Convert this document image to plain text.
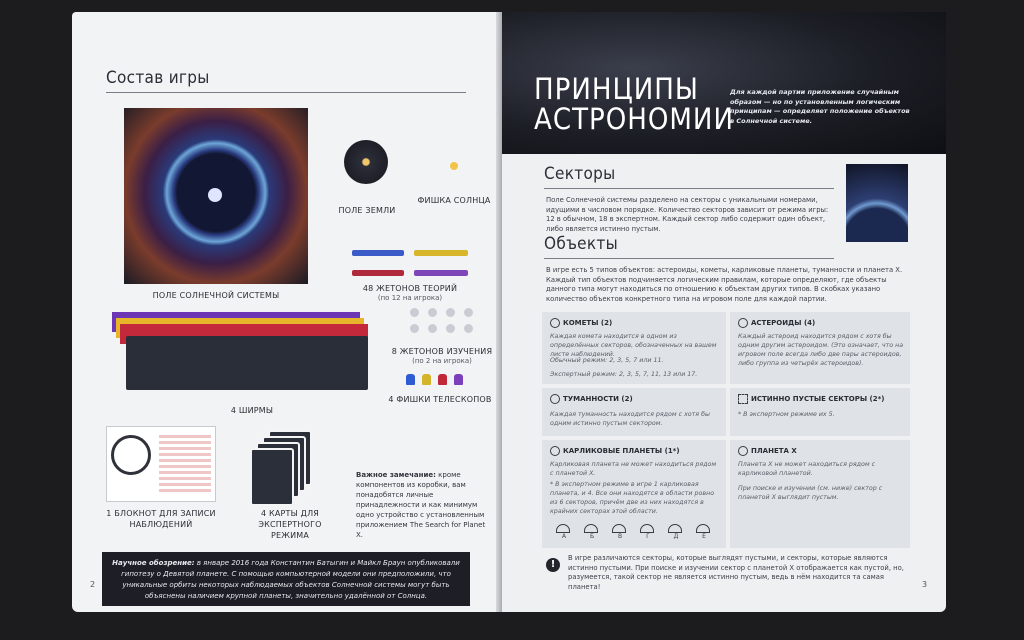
Состав игры
ПОЛЕ СОЛНЕЧНОЙ СИСТЕМЫ
ПОЛЕ ЗЕМЛИ
ФИШКА СОЛНЦА
48 ЖЕТОНОВ ТЕОРИЙ
(по 12 на игрока)
8 ЖЕТОНОВ ИЗУЧЕНИЯ
(по 2 на игрока)
4 ФИШКИ ТЕЛЕСКОПОВ
4 ШИРМЫ
1 БЛОКНОТ ДЛЯ ЗАПИСИ НАБЛЮДЕНИЙ
4 КАРТЫ ДЛЯ ЭКСПЕРТНОГО РЕЖИМА
Важное замечание: кроме компонентов из коробки, вам понадобятся личные принадлежности и как минимум одно устройство с установленным приложением The Search for Planet X.
Научное обозрение: в январе 2016 года Константин Батыгин и Майкл Браун опубликовали гипотезу о Девятой планете. С помощью компьютерной модели они предположили, что уникальные орбиты некоторых наблюдаемых объектов Солнечной системы могут быть объяснены наличием крупной планеты, значительно удалённой от Солнца.
2
ПРИНЦИПЫ АСТРОНОМИИ
Для каждой партии приложение случайным образом — но по установленным логическим принципам — определяет положение объектов в Солнечной системе.
Секторы
Поле Солнечной системы разделено на секторы с уникальными номерами, идущими в числовом порядке. Количество секторов зависит от режима игры: 12 в обычном, 18 в экспертном. Каждый сектор либо содержит один объект, либо является истинно пустым.
Объекты
В игре есть 5 типов объектов: астероиды, кометы, карликовые планеты, туманности и планета X. Каждый тип объектов подчиняется логическим правилам, которые определяют, где объекты данного типа могут находиться по отношению к объектам других типов. В скобках указано количество объектов конкретного типа на игровом поле для каждой партии.
КОМЕТЫ (2)
Каждая комета находится в одном из определённых секторов, обозначенных на вашем листе наблюдений.
Обычный режим: 2, 3, 5, 7 или 11.
Экспертный режим: 2, 3, 5, 7, 11, 13 или 17.
АСТЕРОИДЫ (4)
Каждый астероид находится рядом с хотя бы одним другим астероидом. (Это означает, что на игровом поле всегда либо две пары астероидов, либо группа из четырёх астероидов).
ТУМАННОСТИ (2)
Каждая туманность находится рядом с хотя бы одним истинно пустым сектором.
ИСТИННО ПУСТЫЕ СЕКТОРЫ (2*)
* В экспертном режиме их 5.
КАРЛИКОВЫЕ ПЛАНЕТЫ (1*)
Карликовая планета не может находиться рядом с планетой X.
* В экспертном режиме в игре 1 карликовая планета, и 4. Все они находятся в области ровно из 6 секторов, причём две из них находятся в крайних секторах этой области.
А	Б	В	Г	Д	Е
ПЛАНЕТА X
Планета X не может находиться рядом с карликовой планетой.
При поиске и изучении (см. ниже) сектор с планетой X выглядит пустым.
!
В игре различаются секторы, которые выглядят пустыми, и секторы, которые являются истинно пустыми. При поиске и изучении сектор с планетой X отображается как пустой, но, разумеется, такой сектор не является истинно пустым, ведь в нём находится та самая планета!	3
